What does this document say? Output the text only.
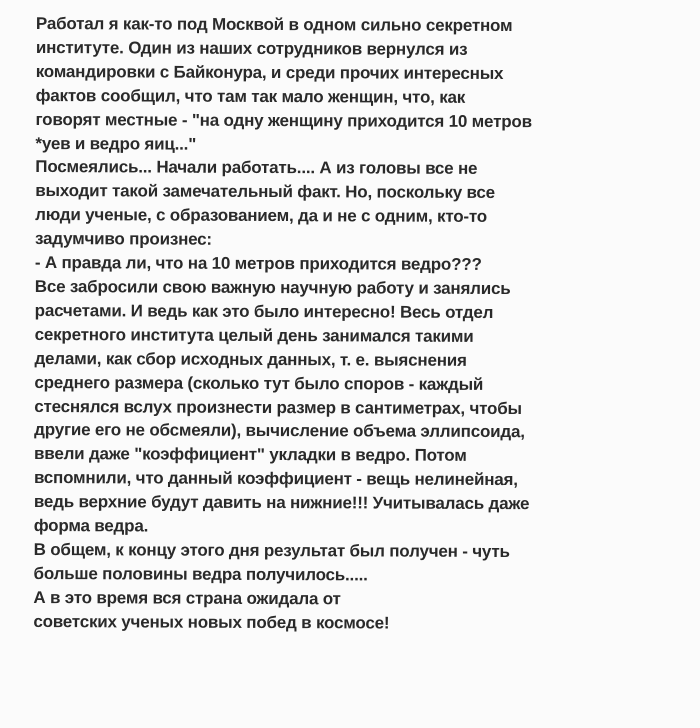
Работал я как-то под Москвой в одном сильно секретном
институте. Один из наших сотрудников вернулся из
командировки с Байконура, и среди прочих интересных
фактов сообщил, что там так мало женщин, что, как
говорят местные - "на одну женщину приходится 10 метров
*уев и ведро яиц..."
Посмеялись... Начали работать.... А из головы все не
выходит такой замечательный факт. Но, поскольку все
люди ученые, с образованием, да и не с одним, кто-то
задумчиво произнес:
- А правда ли, что на 10 метров приходится ведро???
Все забросили свою важную научную работу и занялись
расчетами. И ведь как это было интересно! Весь отдел
секретного института целый день занимался такими
делами, как сбор исходных данных, т. е. выяснения
среднего размера (сколько тут было споров - каждый
стеснялся вслух произнести размер в сантиметрах, чтобы
другие его не обсмеяли), вычисление объема эллипсоида,
ввели даже "коэффициент" укладки в ведро. Потом
вспомнили, что данный коэффициент - вещь нелинейная,
ведь верхние будут давить на нижние!!! Учитывалась даже
форма ведра.
В общем, к концу этого дня результат был получен - чуть
больше половины ведра получилось.....
А в это время вся страна ожидала от
советских ученых новых побед в космосе!
